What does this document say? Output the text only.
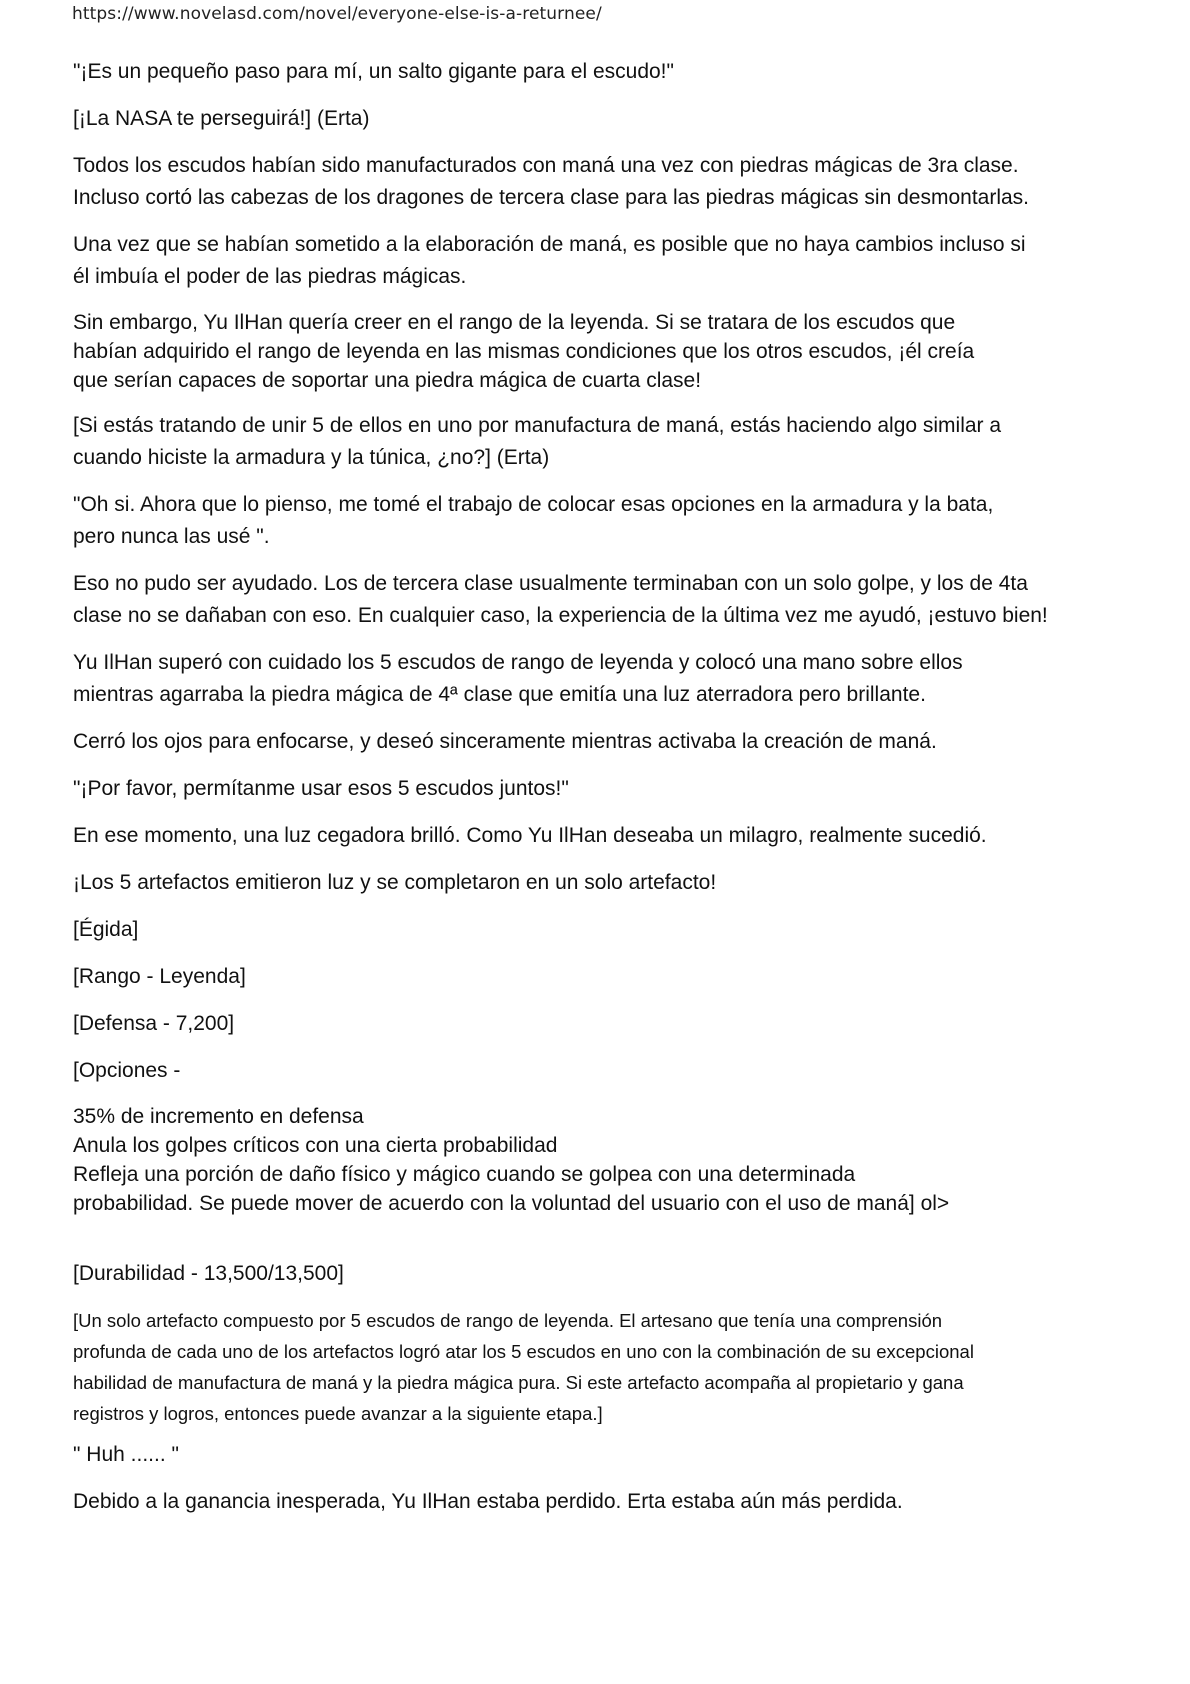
https://www.novelasd.com/novel/everyone-else-is-a-returnee/
"¡Es un pequeño paso para mí, un salto gigante para el escudo!"
[¡La NASA te perseguirá!] (Erta)
Todos los escudos habían sido manufacturados con maná una vez con piedras mágicas de 3ra clase.
Incluso cortó las cabezas de los dragones de tercera clase para las piedras mágicas sin desmontarlas.
Una vez que se habían sometido a la elaboración de maná, es posible que no haya cambios incluso si
él imbuía el poder de las piedras mágicas.
Sin embargo, Yu IlHan quería creer en el rango de la leyenda. Si se tratara de los escudos que
habían adquirido el rango de leyenda en las mismas condiciones que los otros escudos, ¡él creía
que serían capaces de soportar una piedra mágica de cuarta clase!
[Si estás tratando de unir 5 de ellos en uno por manufactura de maná, estás haciendo algo similar a
cuando hiciste la armadura y la túnica, ¿no?] (Erta)
"Oh si. Ahora que lo pienso, me tomé el trabajo de colocar esas opciones en la armadura y la bata,
pero nunca las usé ".
Eso no pudo ser ayudado. Los de tercera clase usualmente terminaban con un solo golpe, y los de 4ta
clase no se dañaban con eso. En cualquier caso, la experiencia de la última vez me ayudó, ¡estuvo bien!
Yu IlHan superó con cuidado los 5 escudos de rango de leyenda y colocó una mano sobre ellos
mientras agarraba la piedra mágica de 4ª clase que emitía una luz aterradora pero brillante.
Cerró los ojos para enfocarse, y deseó sinceramente mientras activaba la creación de maná.
"¡Por favor, permítanme usar esos 5 escudos juntos!"
En ese momento, una luz cegadora brilló. Como Yu IlHan deseaba un milagro, realmente sucedió.
¡Los 5 artefactos emitieron luz y se completaron en un solo artefacto!
[Égida]
[Rango - Leyenda]
[Defensa - 7,200]
[Opciones -
35% de incremento en defensa
Anula los golpes críticos con una cierta probabilidad
Refleja una porción de daño físico y mágico cuando se golpea con una determinada
probabilidad. Se puede mover de acuerdo con la voluntad del usuario con el uso de maná] ol>
[Durabilidad - 13,500/13,500]
[Un solo artefacto compuesto por 5 escudos de rango de leyenda. El artesano que tenía una comprensión
profunda de cada uno de los artefactos logró atar los 5 escudos en uno con la combinación de su excepcional
habilidad de manufactura de maná y la piedra mágica pura. Si este artefacto acompaña al propietario y gana
registros y logros, entonces puede avanzar a la siguiente etapa.]
" Huh ...... "
Debido a la ganancia inesperada, Yu IlHan estaba perdido. Erta estaba aún más perdida.
